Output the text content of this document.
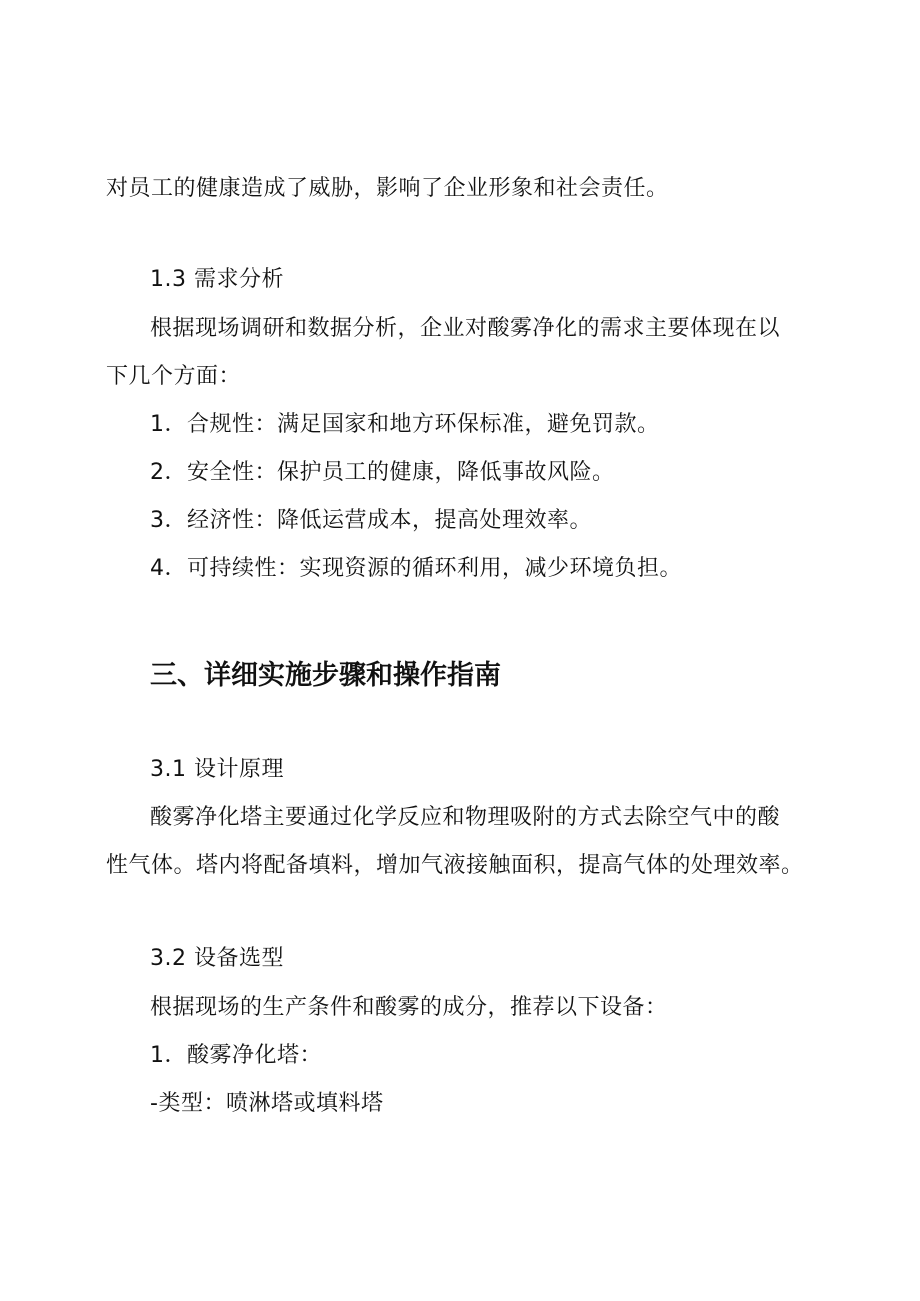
对员工的健康造成了威胁，影响了企业形象和社会责任。
1.3 需求分析
根据现场调研和数据分析，企业对酸雾净化的需求主要体现在以
下几个方面：
1．合规性：满足国家和地方环保标准，避免罚款。
2．安全性：保护员工的健康，降低事故风险。
3．经济性：降低运营成本，提高处理效率。
4．可持续性：实现资源的循环利用，减少环境负担。
三、详细实施步骤和操作指南
3.1 设计原理
酸雾净化塔主要通过化学反应和物理吸附的方式去除空气中的酸
性气体。塔内将配备填料，增加气液接触面积，提高气体的处理效率。
3.2 设备选型
根据现场的生产条件和酸雾的成分，推荐以下设备：
1．酸雾净化塔：
-类型：喷淋塔或填料塔
